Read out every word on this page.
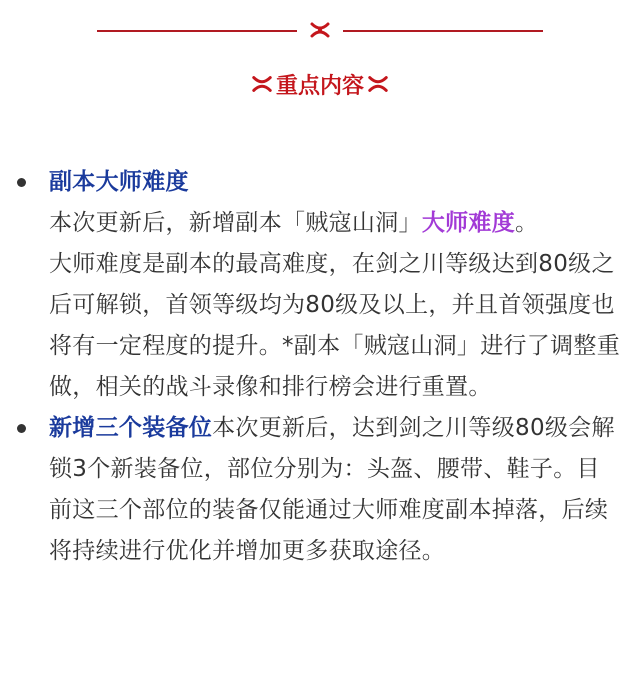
重点内容
副本大师难度
本次更新后，新增副本「贼寇山洞」大师难度。
大师难度是副本的最高难度，在剑之川等级达到80级之后可解锁，首领等级均为80级及以上，并且首领强度也将有一定程度的提升。*副本「贼寇山洞」进行了调整重做，相关的战斗录像和排行榜会进行重置。
新增三个装备位本次更新后，达到剑之川等级80级会解锁3个新装备位，部位分别为：头盔、腰带、鞋子。目前这三个部位的装备仅能通过大师难度副本掉落，后续将持续进行优化并增加更多获取途径。
